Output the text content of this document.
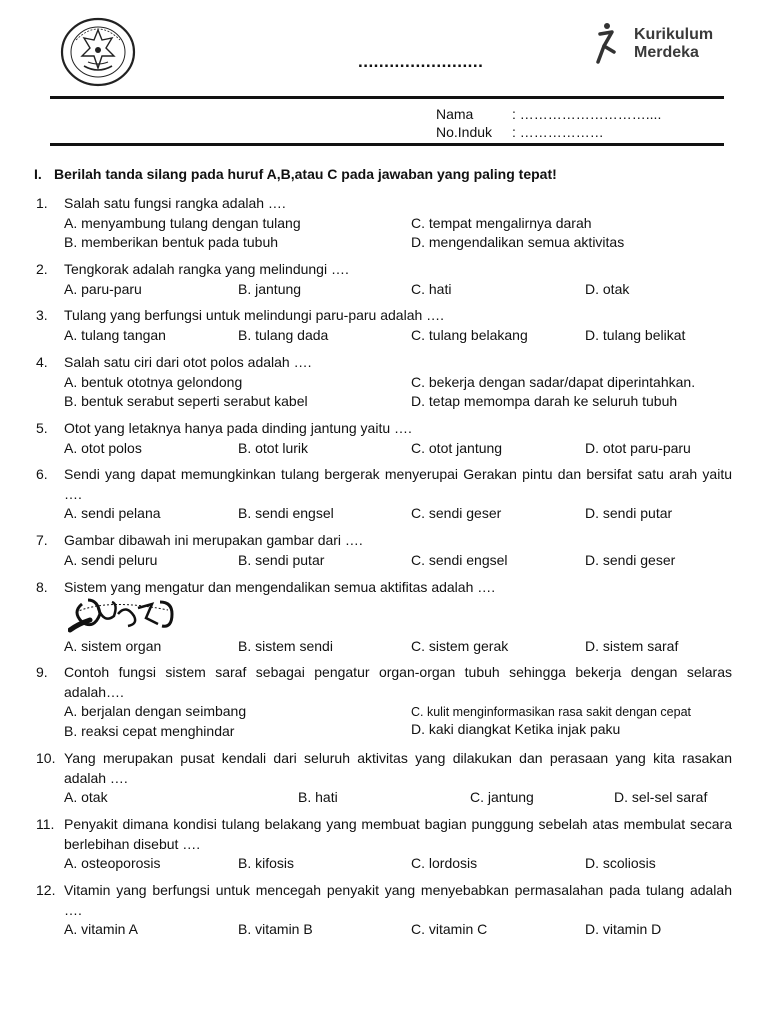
........................
Kurikulum
Merdeka
Nama	: ………………………....
No.Induk	: ………………
I. Berilah tanda silang pada huruf A,B,atau C pada jawaban yang paling tepat!
1. Salah satu fungsi rangka adalah ….
A. menyambung tulang dengan tulang	C. tempat mengalirnya darah
B. memberikan bentuk pada tubuh	D. mengendalikan semua aktivitas
2. Tengkorak adalah rangka yang melindungi ….
A. paru-paru	B. jantung	C. hati	D. otak
3. Tulang yang berfungsi untuk melindungi paru-paru adalah ….
A. tulang tangan	B. tulang dada	C. tulang belakang	D. tulang belikat
4. Salah satu ciri dari otot polos adalah ….
A. bentuk ototnya gelondong	C. bekerja dengan sadar/dapat diperintahkan.
B. bentuk serabut seperti serabut kabel	D. tetap memompa darah ke seluruh tubuh
5. Otot yang letaknya hanya pada dinding jantung yaitu ….
A. otot polos	B. otot lurik	C. otot jantung	D. otot paru-paru
6. Sendi yang dapat memungkinkan tulang bergerak menyerupai Gerakan pintu dan bersifat satu arah yaitu ….
A. sendi pelana	B. sendi engsel	C. sendi geser	D. sendi putar
7. Gambar dibawah ini merupakan gambar dari ….
A. sendi peluru	B. sendi putar	C. sendi engsel	D. sendi geser
8. Sistem yang mengatur dan mengendalikan semua aktifitas adalah ….
A. sistem organ	B. sistem sendi	C. sistem gerak	D. sistem saraf
9. Contoh fungsi sistem saraf sebagai pengatur organ-organ tubuh sehingga bekerja dengan selaras adalah….
A. berjalan dengan seimbang	C. kulit menginformasikan rasa sakit dengan cepat
B. reaksi cepat menghindar	D. kaki diangkat Ketika injak paku
10. Yang merupakan pusat kendali dari seluruh aktivitas yang dilakukan dan perasaan yang kita rasakan adalah ….
A. otak	B. hati	C. jantung	D. sel-sel saraf
11. Penyakit dimana kondisi tulang belakang yang membuat bagian punggung sebelah atas membulat secara berlebihan disebut ….
A. osteoporosis	B. kifosis	C. lordosis	D. scoliosis
12. Vitamin yang berfungsi untuk mencegah penyakit yang menyebabkan permasalahan pada tulang adalah ….
A. vitamin A	B. vitamin B	C. vitamin C	D. vitamin D
